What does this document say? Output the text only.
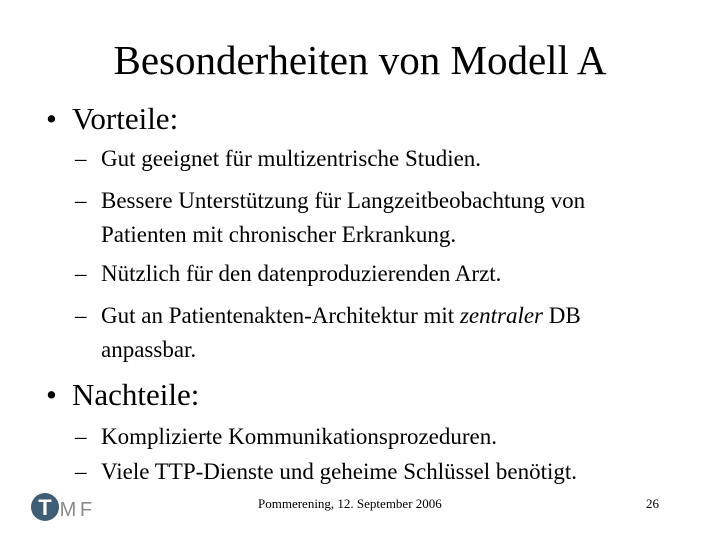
Besonderheiten von Modell A
• Vorteile:
– Gut geeignet für multizentrische Studien.
– Bessere Unterstützung für Langzeitbeobachtung von
Patienten mit chronischer Erkrankung.
– Nützlich für den datenproduzierenden Arzt.
– Gut an Patientenakten-Architektur mit zentraler DB
anpassbar.
• Nachteile:
– Komplizierte Kommunikationsprozeduren.
– Viele TTP-Dienste und geheime Schlüssel benötigt.
T M F	Pommerening, 12. September 2006	26
